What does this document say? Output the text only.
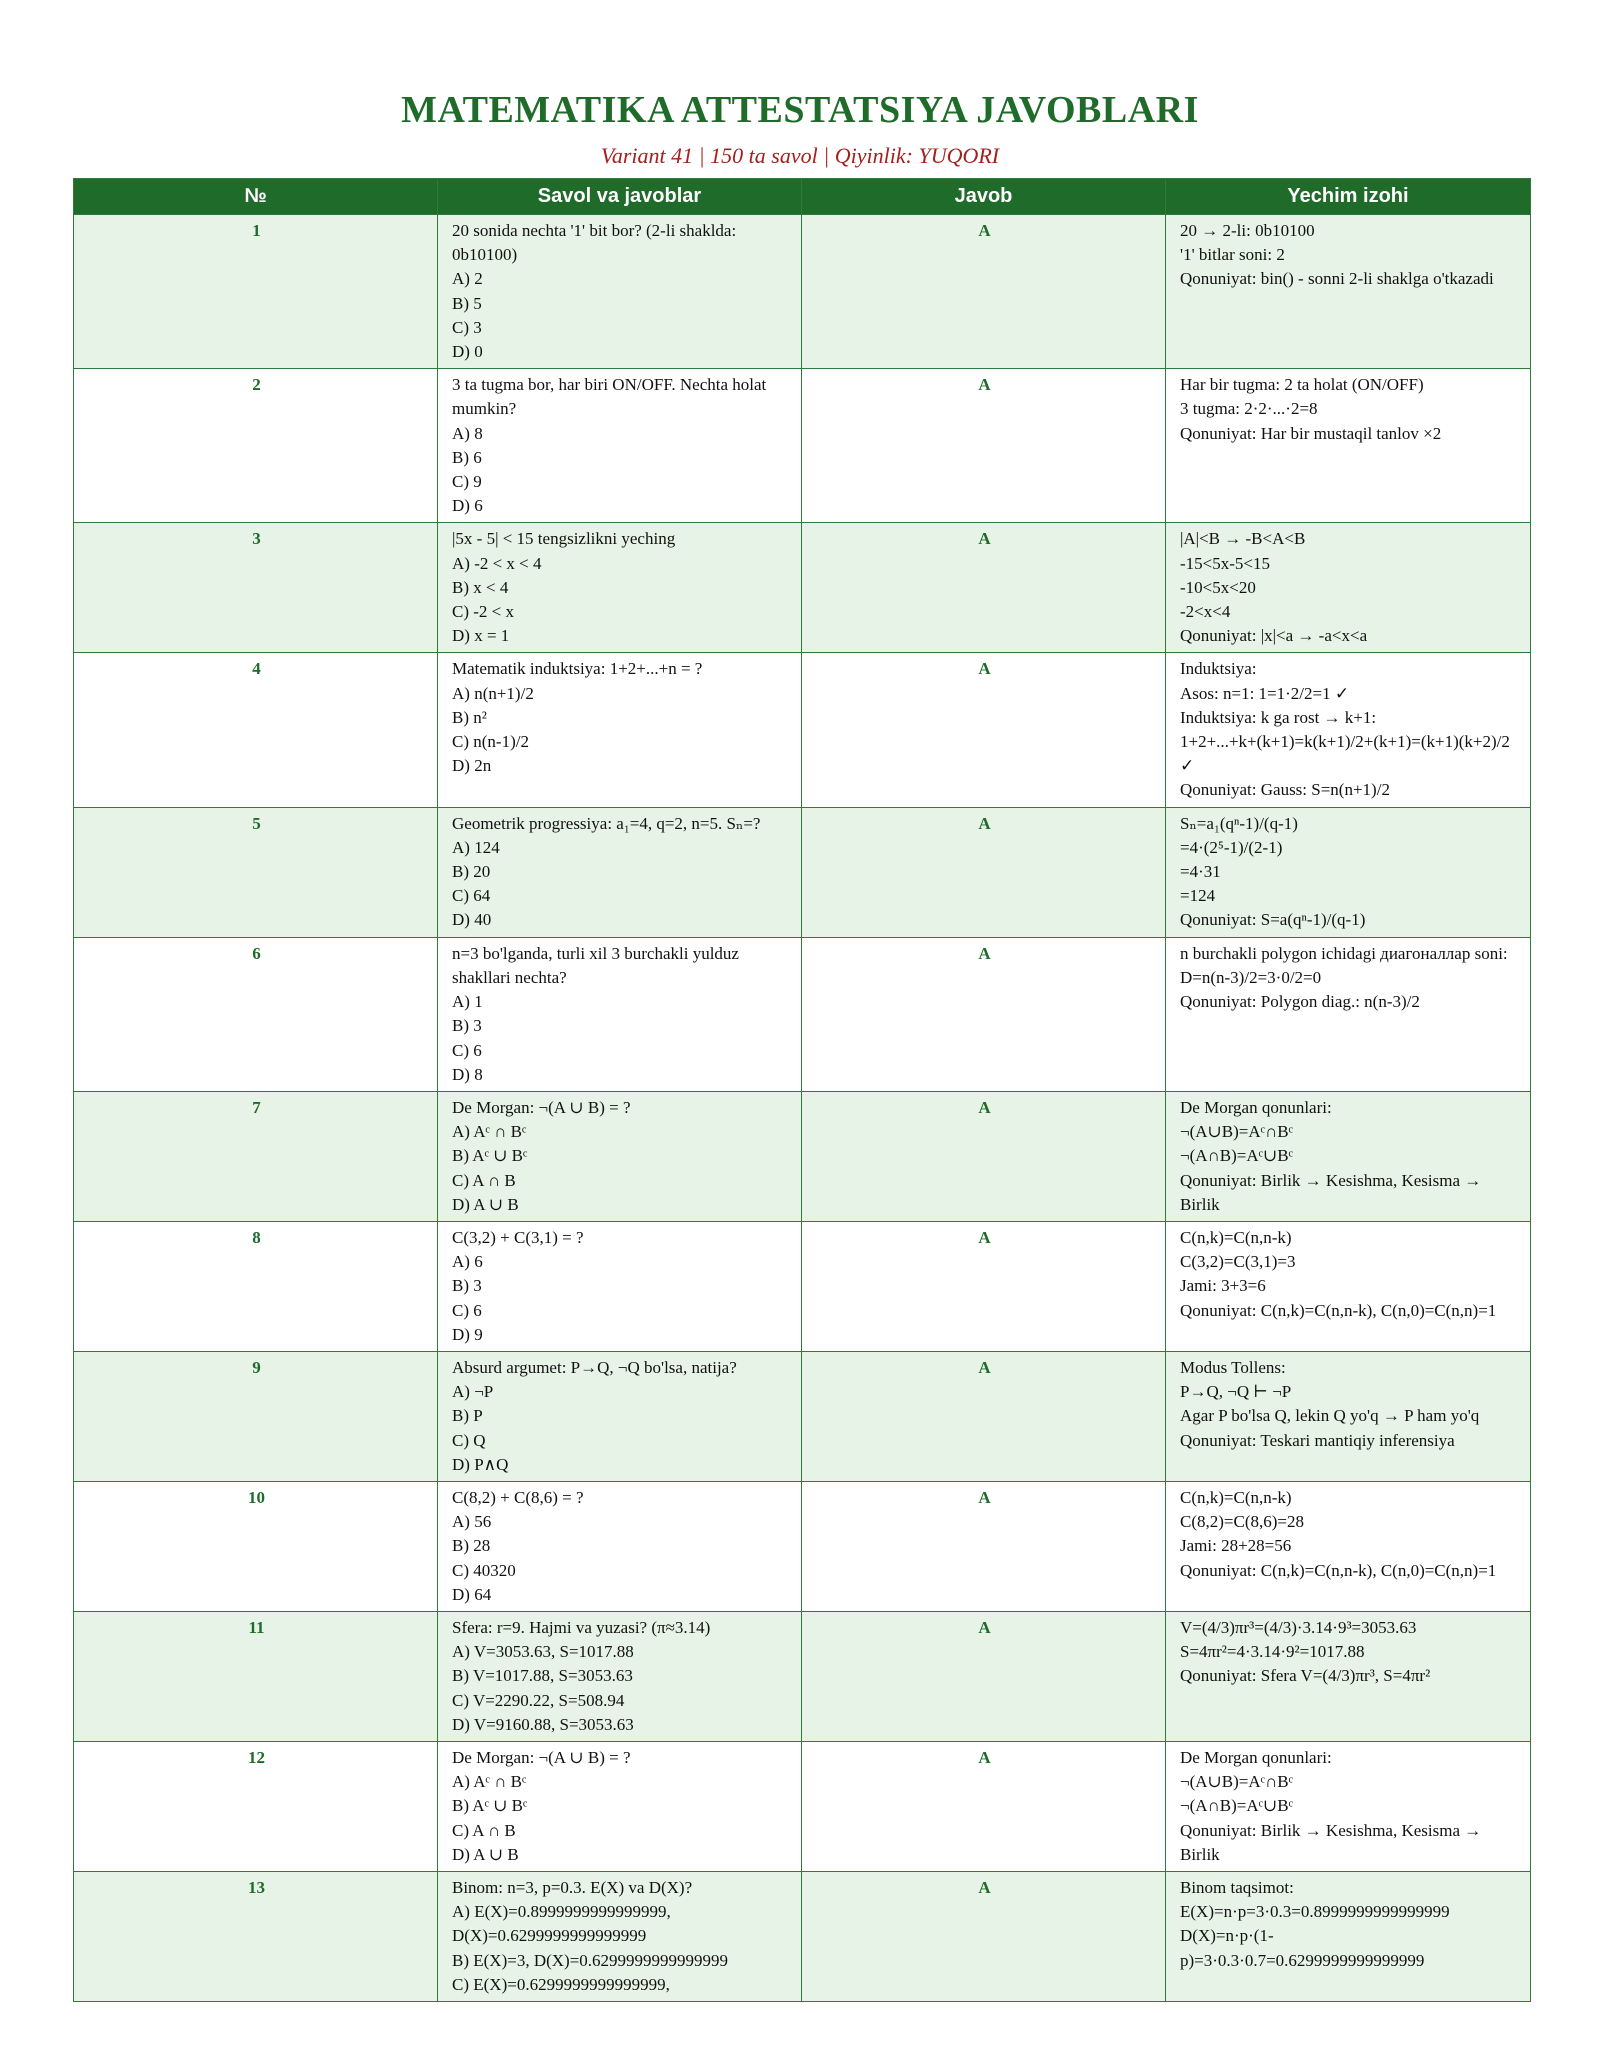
MATEMATIKA ATTESTATSIYA JAVOBLARI
Variant 41 | 150 ta savol | Qiyinlik: YUQORI
№	Savol va javoblar	Javob	Yechim izohi
1	20 sonida nechta '1' bit bor? (2-li shaklda: 0b10100)
A) 2
B) 5
C) 3
D) 0	A	20 → 2-li: 0b10100
'1' bitlar soni: 2
Qonuniyat: bin() - sonni 2-li shaklga o'tkazadi

2	3 ta tugma bor, har biri ON/OFF. Nechta holat mumkin?
A) 8
B) 6
C) 9
D) 6	A	Har bir tugma: 2 ta holat (ON/OFF)
3 tugma: 2·2·...·2=8
Qonuniyat: Har bir mustaqil tanlov ×2

3	|5x - 5| < 15 tengsizlikni yeching
A) -2 < x < 4
B) x < 4
C) -2 < x
D) x = 1	A	|A|<B → -B<A<B
-15<5x-5<15
-10<5x<20
-2<x<4
Qonuniyat: |x|<a → -a<x<a

4	Matematik induktsiya: 1+2+...+n = ?
A) n(n+1)/2
B) n²
C) n(n-1)/2
D) 2n	A	Induktsiya:
Asos: n=1: 1=1·2/2=1 ✓
Induktsiya: k ga rost → k+1:
1+2+...+k+(k+1)=k(k+1)/2+(k+1)=(k+1)(k+2)/2 ✓
Qonuniyat: Gauss: S=n(n+1)/2

5	Geometrik progressiya: a₁=4, q=2, n=5. Sₙ=?
A) 124
B) 20
C) 64
D) 40	A	Sₙ=a₁(qⁿ-1)/(q-1)
=4·(2⁵-1)/(2-1)
=4·31
=124
Qonuniyat: S=a(qⁿ-1)/(q-1)

6	n=3 bo'lganda, turli xil 3 burchakli yulduz shakllari nechta?
A) 1
B) 3
C) 6
D) 8	A	n burchakli polygon ichidagi диагоналлар soni:
D=n(n-3)/2=3·0/2=0
Qonuniyat: Polygon diag.: n(n-3)/2

7	De Morgan: ¬(A ∪ B) = ?
A) Aᶜ ∩ Bᶜ
B) Aᶜ ∪ Bᶜ
C) A ∩ B
D) A ∪ B	A	De Morgan qonunlari:
¬(A∪B)=Aᶜ∩Bᶜ
¬(A∩B)=Aᶜ∪Bᶜ
Qonuniyat: Birlik → Kesishma, Kesisma → Birlik

8	C(3,2) + C(3,1) = ?
A) 6
B) 3
C) 6
D) 9	A	C(n,k)=C(n,n-k)
C(3,2)=C(3,1)=3
Jami: 3+3=6
Qonuniyat: C(n,k)=C(n,n-k), C(n,0)=C(n,n)=1

9	Absurd argumet: P→Q, ¬Q bo'lsa, natija?
A) ¬P
B) P
C) Q
D) P∧Q	A	Modus Tollens:
P→Q, ¬Q ⊢ ¬P
Agar P bo'lsa Q, lekin Q yo'q → P ham yo'q
Qonuniyat: Teskari mantiqiy inferensiya

10	C(8,2) + C(8,6) = ?
A) 56
B) 28
C) 40320
D) 64	A	C(n,k)=C(n,n-k)
C(8,2)=C(8,6)=28
Jami: 28+28=56
Qonuniyat: C(n,k)=C(n,n-k), C(n,0)=C(n,n)=1

11	Sfera: r=9. Hajmi va yuzasi? (π≈3.14)
A) V=3053.63, S=1017.88
B) V=1017.88, S=3053.63
C) V=2290.22, S=508.94
D) V=9160.88, S=3053.63	A	V=(4/3)πr³=(4/3)·3.14·9³=3053.63
S=4πr²=4·3.14·9²=1017.88
Qonuniyat: Sfera V=(4/3)πr³, S=4πr²

12	De Morgan: ¬(A ∪ B) = ?
A) Aᶜ ∩ Bᶜ
B) Aᶜ ∪ Bᶜ
C) A ∩ B
D) A ∪ B	A	De Morgan qonunlari:
¬(A∪B)=Aᶜ∩Bᶜ
¬(A∩B)=Aᶜ∪Bᶜ
Qonuniyat: Birlik → Kesishma, Kesisma → Birlik

13	Binom: n=3, p=0.3. E(X) va D(X)?
A) E(X)=0.8999999999999999, D(X)=0.6299999999999999
B) E(X)=3, D(X)=0.6299999999999999
C) E(X)=0.6299999999999999,	A	Binom taqsimot:
E(X)=n·p=3·0.3=0.8999999999999999
D(X)=n·p·(1-p)=3·0.3·0.7=0.6299999999999999
